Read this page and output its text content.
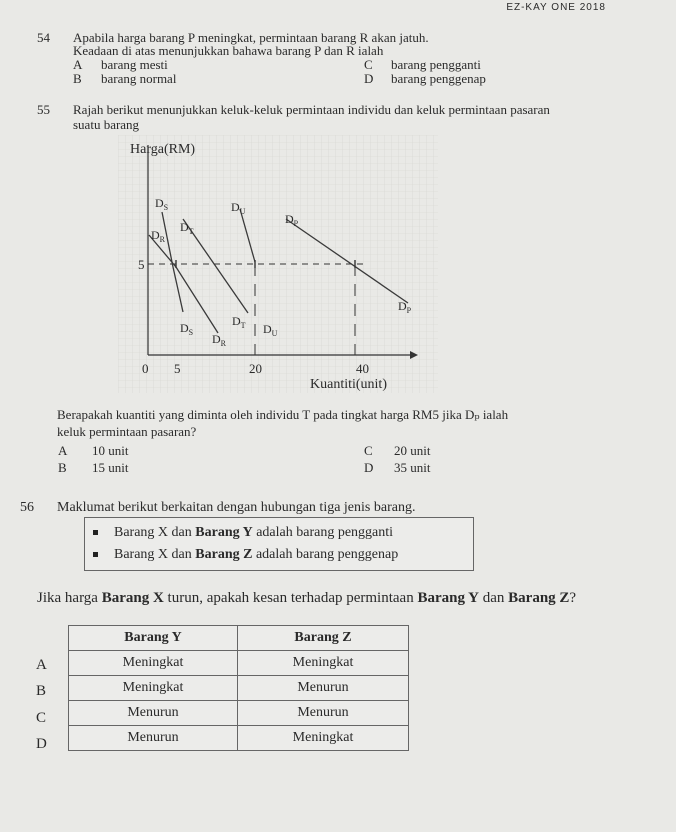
EZ-KAY ONE 2018
54 Apabila harga barang P meningkat, permintaan barang R akan jatuh.
Keadaan di atas menunjukkan bahawa barang P dan R ialah
A barang mesti
B barang normal
C barang pengganti
D barang penggenap
55 Rajah berikut menunjukkan keluk-keluk permintaan individu dan keluk permintaan pasaran
suatu barang
Harga(RM)
Kuantiti(unit)
0 5	20	40
5
$D_S$
$D_R$
$D_T$
$D_U$
$D_P$
$D_S$ $D_R$
$D_T$ $D_U$
$D_P$
Berapakah kuantiti yang diminta oleh individu T pada tingkat harga RM5 jika Dₚ ialah
keluk permintaan pasaran?
A 10 unit
B 15 unit
C 20 unit
D 35 unit
56 Maklumat berikut berkaitan dengan hubungan tiga jenis barang.
Barang X dan Barang Y adalah barang pengganti
Barang X dan Barang Z adalah barang penggenap
Jika harga Barang X turun, apakah kesan terhadap permintaan Barang Y dan Barang Z?
Barang Y	Barang Z
Meningkat	Meningkat
Meningkat	Menurun
Menurun	Menurun
Menurun	Meningkat
A
B
C
D
